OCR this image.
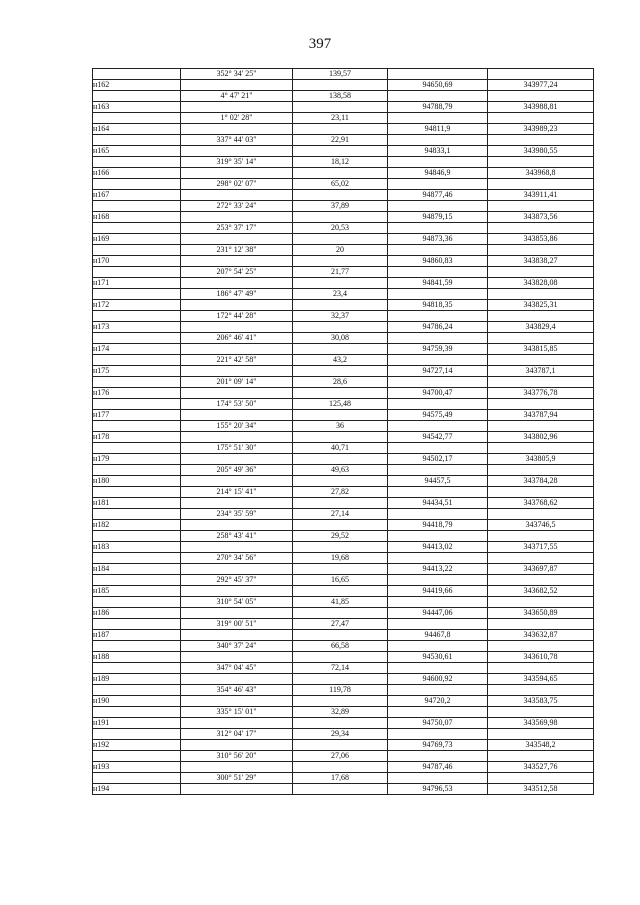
397
	352° 34' 25"	139,57		
н162			94650,69	343977,24
	4° 47' 21"	138,58		
н163			94788,79	343988,81
	1° 02' 28"	23,11		
н164			94811,9	343989,23
	337° 44' 03"	22,91		
н165			94833,1	343980,55
	319° 35' 14"	18,12		
н166			94846,9	343968,8
	298° 02' 07"	65,02		
н167			94877,46	343911,41
	272° 33' 24"	37,89		
н168			94879,15	343873,56
	253° 37' 17"	20,53		
н169			94873,36	343853,86
	231° 12' 38"	20		
н170			94860,83	343838,27
	207° 54' 25"	21,77		
н171			94841,59	343828,08
	186° 47' 49"	23,4		
н172			94818,35	343825,31
	172° 44' 28"	32,37		
н173			94786,24	343829,4
	206° 46' 41"	30,08		
н174			94759,39	343815,85
	221° 42' 58"	43,2		
н175			94727,14	343787,1
	201° 09' 14"	28,6		
н176			94700,47	343776,78
	174° 53' 50"	125,48		
н177			94575,49	343787,94
	155° 20' 34"	36		
н178			94542,77	343802,96
	175° 51' 30"	40,71		
н179			94502,17	343805,9
	205° 49' 36"	49,63		
н180			94457,5	343784,28
	214° 15' 41"	27,82		
н181			94434,51	343768,62
	234° 35' 59"	27,14		
н182			94418,79	343746,5
	258° 43' 41"	29,52		
н183			94413,02	343717,55
	270° 34' 56"	19,68		
н184			94413,22	343697,87
	292° 45' 37"	16,65		
н185			94419,66	343682,52
	310° 54' 05"	41,85		
н186			94447,06	343650,89
	319° 00' 51"	27,47		
н187			94467,8	343632,87
	340° 37' 24"	66,58		
н188			94530,61	343610,78
	347° 04' 45"	72,14		
н189			94600,92	343594,65
	354° 46' 43"	119,78		
н190			94720,2	343583,75
	335° 15' 01"	32,89		
н191			94750,07	343569,98
	312° 04' 17"	29,34		
н192			94769,73	343548,2
	310° 56' 20"	27,06		
н193			94787,46	343527,76
	300° 51' 29"	17,68		
н194			94796,53	343512,58
